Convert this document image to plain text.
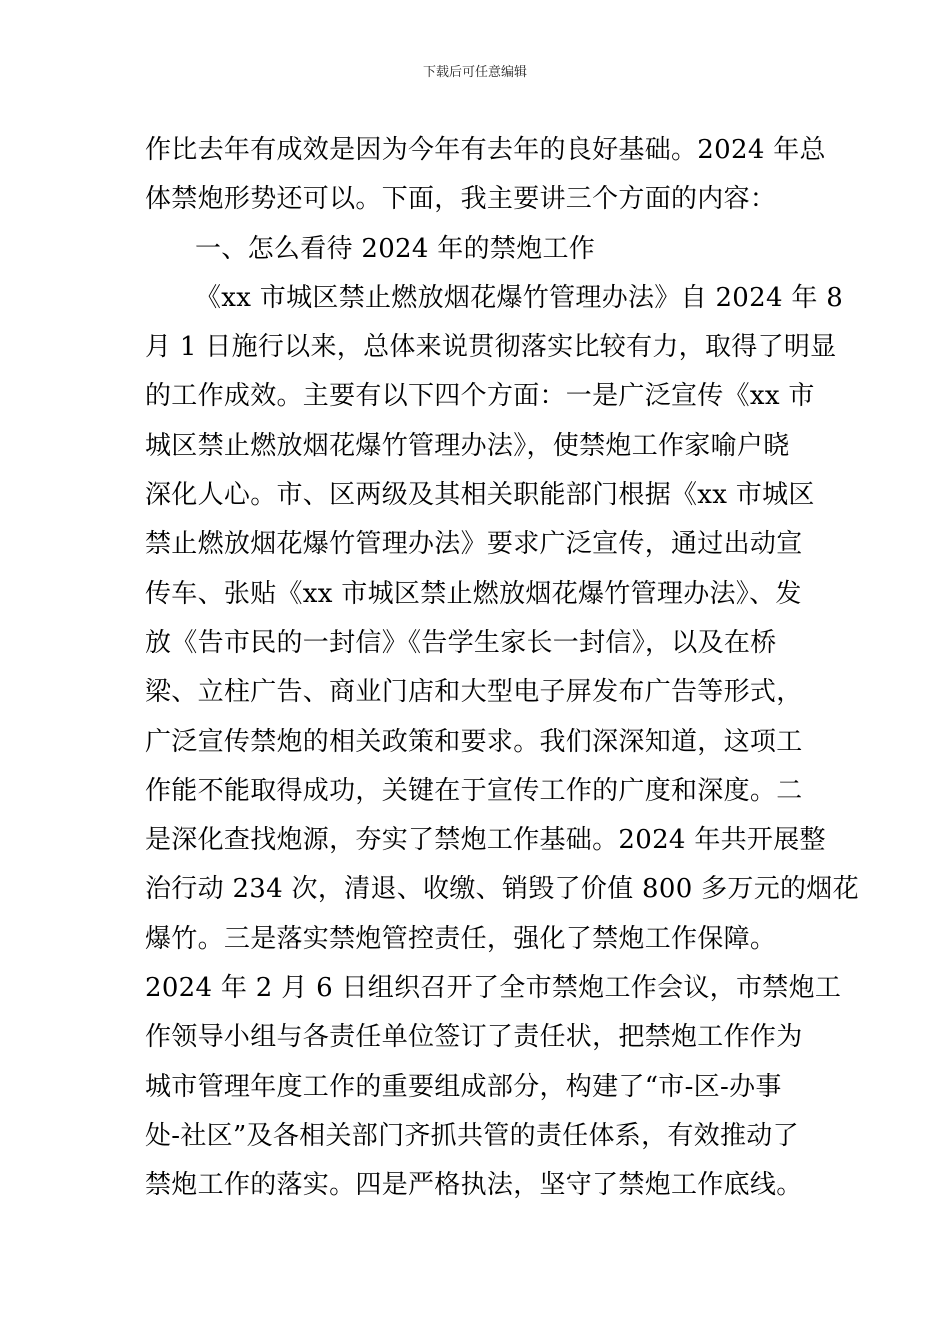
下载后可任意编辑
作比去年有成效是因为今年有去年的良好基础。2024 年总
体禁炮形势还可以。下面，我主要讲三个方面的内容：
一、怎么看待 2024 年的禁炮工作
《xx 市城区禁止燃放烟花爆竹管理办法》自 2024 年 8
月 1 日施行以来，总体来说贯彻落实比较有力，取得了明显
的工作成效。主要有以下四个方面：一是广泛宣传《xx 市
城区禁止燃放烟花爆竹管理办法》，使禁炮工作家喻户晓
深化人心。市、区两级及其相关职能部门根据《xx 市城区
禁止燃放烟花爆竹管理办法》要求广泛宣传，通过出动宣
传车、张贴《xx 市城区禁止燃放烟花爆竹管理办法》、发
放《告市民的一封信》《告学生家长一封信》，以及在桥
梁、立柱广告、商业门店和大型电子屏发布广告等形式，
广泛宣传禁炮的相关政策和要求。我们深深知道，这项工
作能不能取得成功，关键在于宣传工作的广度和深度。二
是深化查找炮源，夯实了禁炮工作基础。2024 年共开展整
治行动 234 次，清退、收缴、销毁了价值 800 多万元的烟花
爆竹。三是落实禁炮管控责任，强化了禁炮工作保障。
2024 年 2 月 6 日组织召开了全市禁炮工作会议，市禁炮工
作领导小组与各责任单位签订了责任状，把禁炮工作作为
城市管理年度工作的重要组成部分，构建了“市-区-办事
处-社区”及各相关部门齐抓共管的责任体系，有效推动了
禁炮工作的落实。四是严格执法，坚守了禁炮工作底线。
